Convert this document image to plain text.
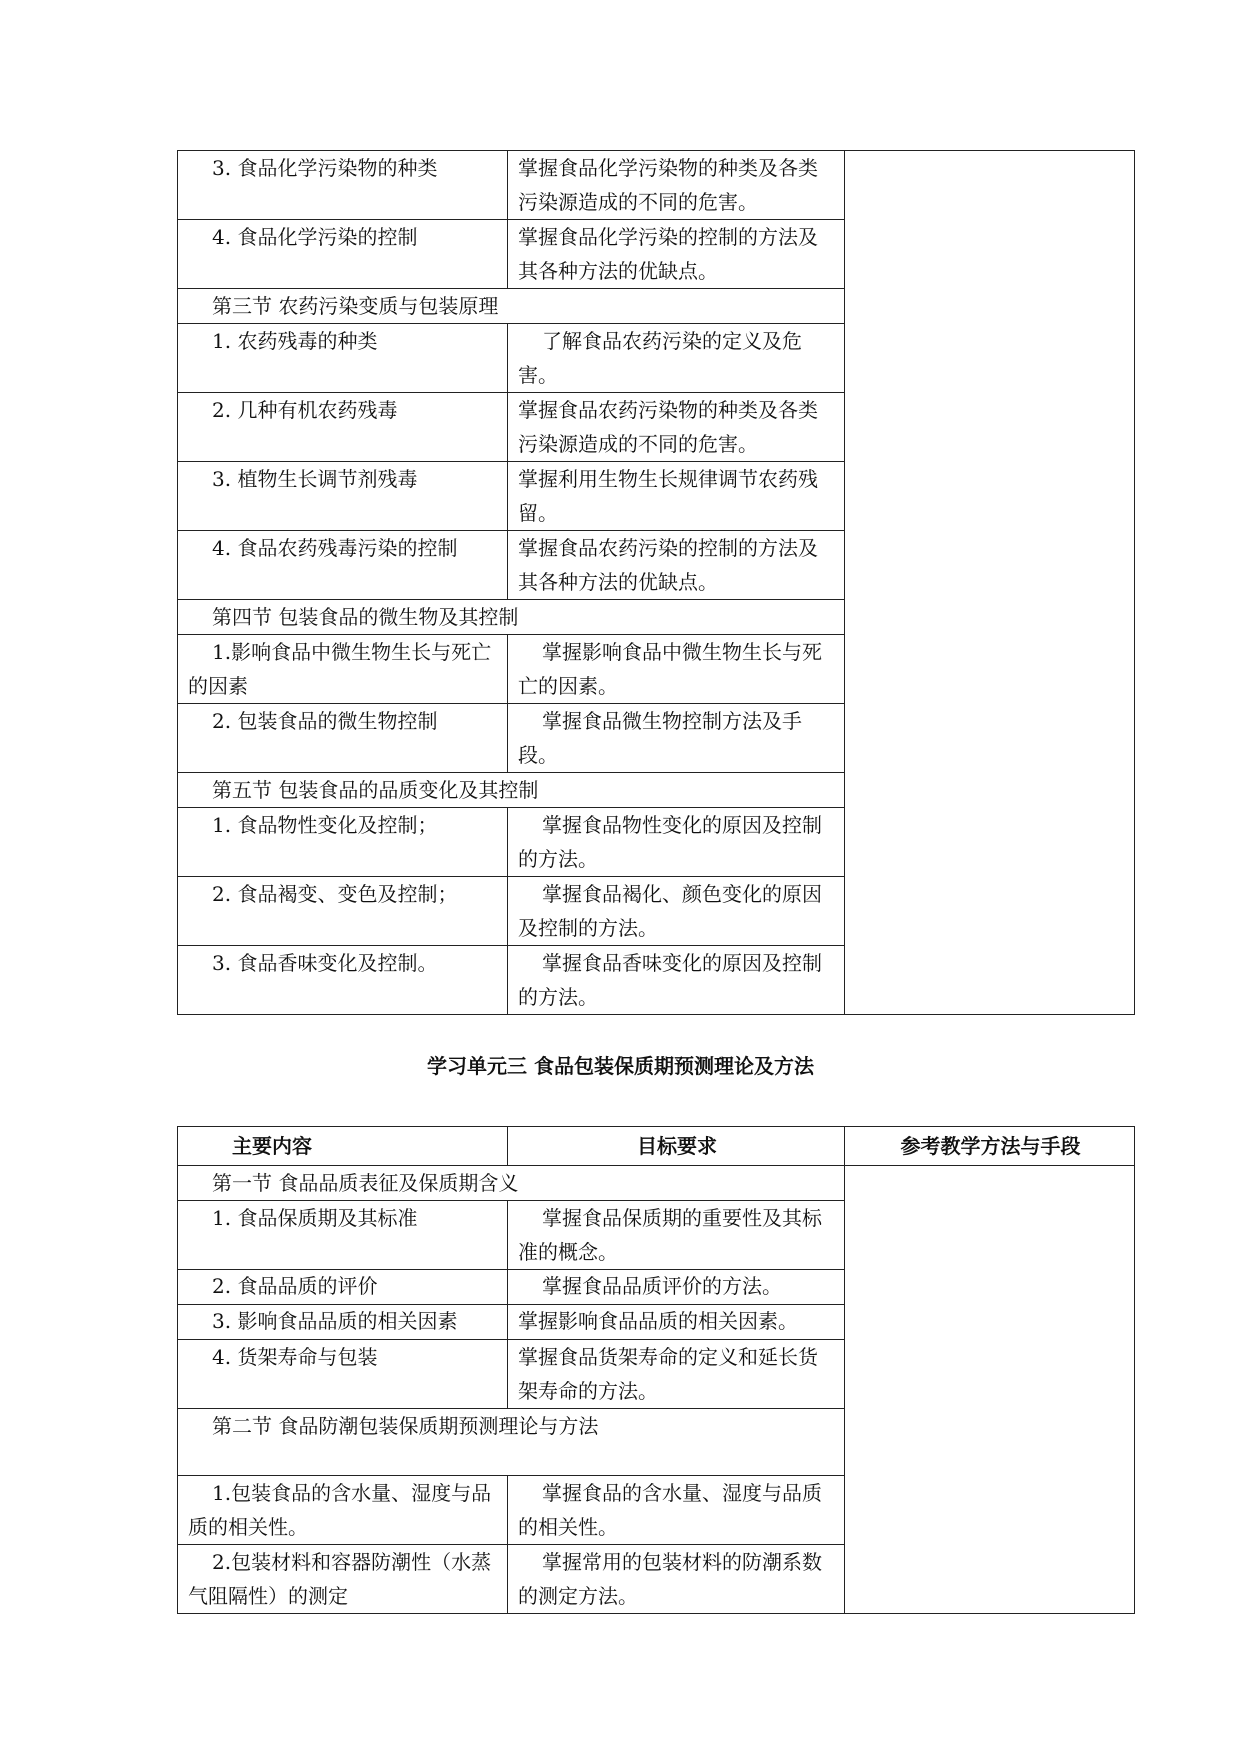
3. 食品化学污染物的种类	掌握食品化学污染物的种类及各类污染源造成的不同的危害。	
4. 食品化学污染的控制	掌握食品化学污染的控制的方法及其各种方法的优缺点。	
第三节 农药污染变质与包装原理		
1. 农药残毒的种类	了解食品农药污染的定义及危害。	
2. 几种有机农药残毒	掌握食品农药污染物的种类及各类污染源造成的不同的危害。	
3. 植物生长调节剂残毒	掌握利用生物生长规律调节农药残留。	
4. 食品农药残毒污染的控制	掌握食品农药污染的控制的方法及其各种方法的优缺点。	
第四节 包装食品的微生物及其控制		
1.影响食品中微生物生长与死亡的因素	掌握影响食品中微生物生长与死亡的因素。	
2. 包装食品的微生物控制	掌握食品微生物控制方法及手段。	
第五节 包装食品的品质变化及其控制		
1. 食品物性变化及控制；	掌握食品物性变化的原因及控制的方法。	
2. 食品褐变、变色及控制；	掌握食品褐化、颜色变化的原因及控制的方法。	
3. 食品香味变化及控制。	掌握食品香味变化的原因及控制的方法。	
学习单元三 食品包装保质期预测理论及方法
主要内容	目标要求	参考教学方法与手段
第一节 食品品质表征及保质期含义		
1. 食品保质期及其标准	掌握食品保质期的重要性及其标准的概念。	
2. 食品品质的评价	掌握食品品质评价的方法。	
3. 影响食品品质的相关因素	掌握影响食品品质的相关因素。	
4. 货架寿命与包装	掌握食品货架寿命的定义和延长货架寿命的方法。	
第二节 食品防潮包装保质期预测理论与方法		
1.包装食品的含水量、湿度与品质的相关性。	掌握食品的含水量、湿度与品质的相关性。	
2.包装材料和容器防潮性（水蒸气阻隔性）的测定	掌握常用的包装材料的防潮系数的测定方法。	
